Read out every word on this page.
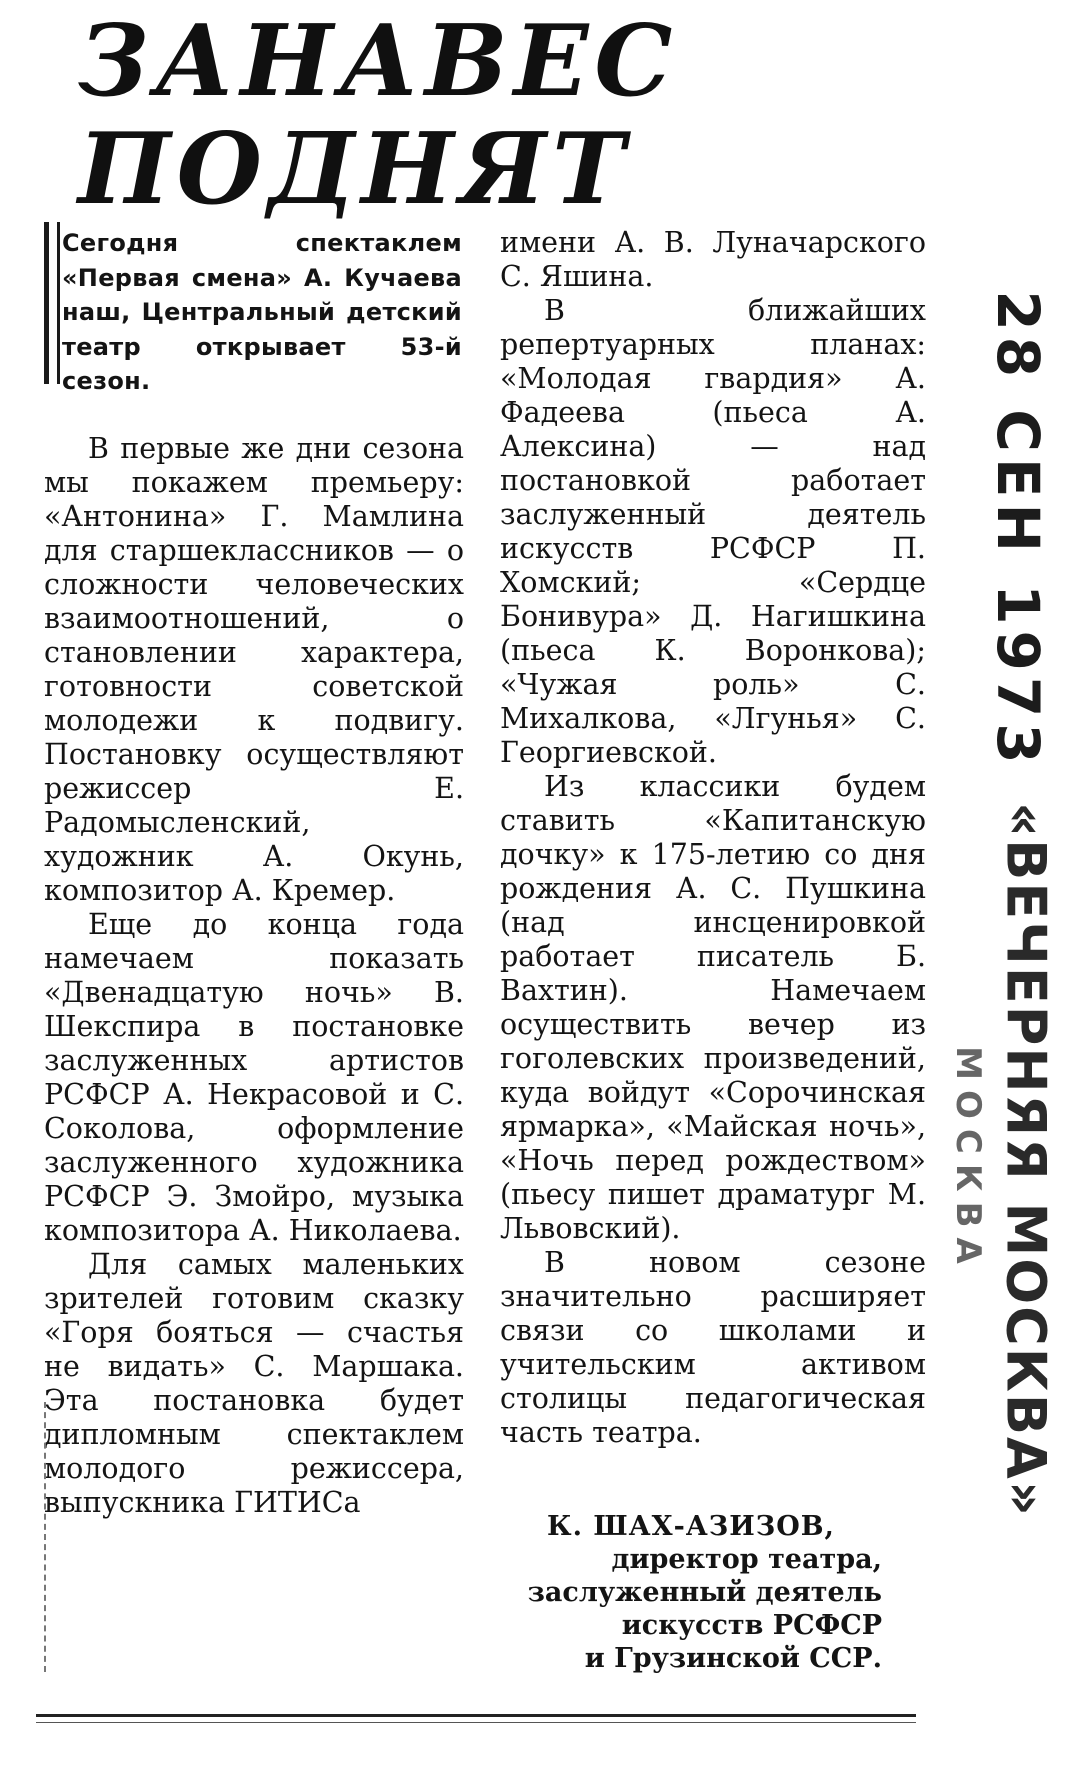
ЗАНАВЕС
ПОДНЯТ

Сегодня спектаклем «Первая смена» А. Кучаева наш, Центральный детский театр открывает 53-й сезон.

В первые же дни сезона мы покажем премьеру: «Антонина» Г. Мамлина для старшеклассников — о сложности человеческих взаимоотношений, о становлении характера, готовности советской молодежи к подвигу. Постановку осуществляют режиссер Е. Радомысленский, художник А. Окунь, композитор А. Кремер.

Еще до конца года намечаем показать «Двенадцатую ночь» В. Шекспира в постановке заслуженных артистов РСФСР А. Некрасовой и С. Соколова, оформление заслуженного художника РСФСР Э. Змойро, музыка композитора А. Николаева.

Для самых маленьких зрителей готовим сказку «Горя бояться — счастья не видать» С. Маршака. Эта постановка будет дипломным спектаклем молодого режиссера, выпускника ГИТИСа

имени А. В. Луначарского С. Яшина.

В ближайших репертуарных планах: «Молодая гвардия» А. Фадеева (пьеса А. Алексина) — над постановкой работает заслуженный деятель искусств РСФСР П. Хомский; «Сердце Бонивура» Д. Нагишкина (пьеса К. Воронкова); «Чужая роль» С. Михалкова, «Лгунья» С. Георгиевской.

Из классики будем ставить «Капитанскую дочку» к 175-летию со дня рождения А. С. Пушкина (над инсценировкой работает писатель Б. Вахтин). Намечаем осуществить вечер из гоголевских произведений, куда войдут «Сорочинская ярмарка», «Майская ночь», «Ночь перед рождеством» (пьесу пишет драматург М. Львовский).

В новом сезоне значительно расширяет связи со школами и учительским активом столицы педагогическая часть театра.

К. ШАХ-АЗИЗОВ,
директор театра,
заслуженный деятель
искусств РСФСР
и Грузинской ССР.
28 СЕН 1973
«ВЕЧЕРНЯЯ МОСКВА»
МОСКВА
